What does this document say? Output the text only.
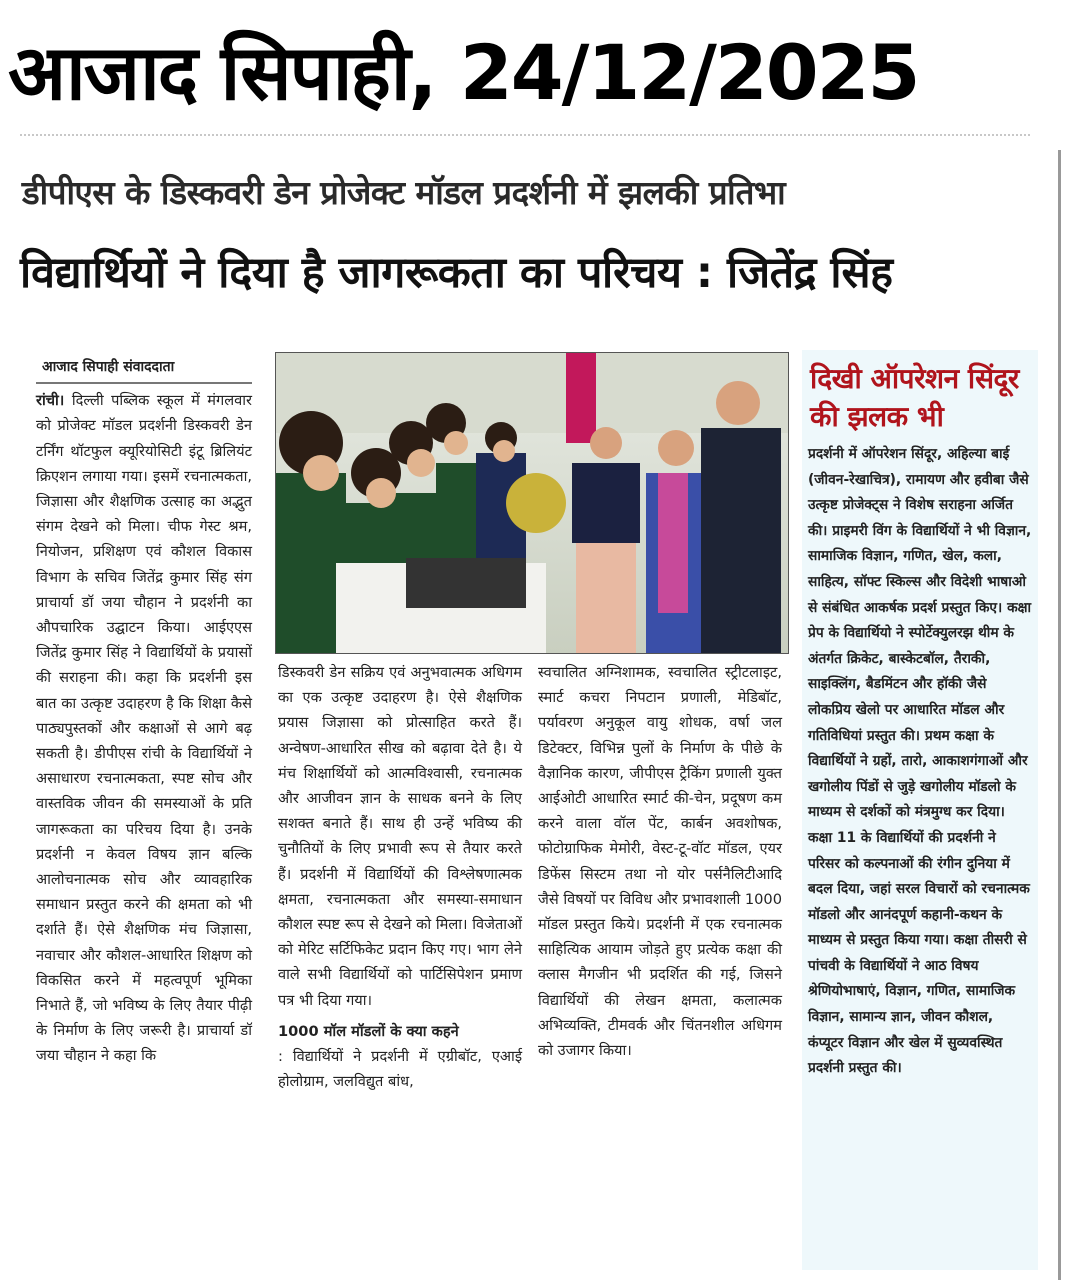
आजाद सिपाही, 24/12/2025
डीपीएस के डिस्कवरी डेन प्रोजेक्ट मॉडल प्रदर्शनी में झलकी प्रतिभा
विद्यार्थियों ने दिया है जागरूकता का परिचय : जितेंद्र सिंह
आजाद सिपाही संवाददाता

रांची। दिल्ली पब्लिक स्कूल में मंगलवार को प्रोजेक्ट मॉडल प्रदर्शनी डिस्कवरी डेन टर्निंग थॉटफुल क्यूरियोसिटी इंटू ब्रिलियंट क्रिएशन लगाया गया। इसमें रचनात्मकता, जिज्ञासा और शैक्षणिक उत्साह का अद्भुत संगम देखने को मिला। चीफ गेस्ट श्रम, नियोजन, प्रशिक्षण एवं कौशल विकास विभाग के सचिव जितेंद्र कुमार सिंह संग प्राचार्या डॉ जया चौहान ने प्रदर्शनी का औपचारिक उद्घाटन किया। आईएएस जितेंद्र कुमार सिंह ने विद्यार्थियों के प्रयासों की सराहना की। कहा कि प्रदर्शनी इस बात का उत्कृष्ट उदाहरण है कि शिक्षा कैसे पाठ्यपुस्तकों और कक्षाओं से आगे बढ़ सकती है। डीपीएस रांची के विद्यार्थियों ने असाधारण रचनात्मकता, स्पष्ट सोच और वास्तविक जीवन की समस्याओं के प्रति जागरूकता का परिचय दिया है। उनके प्रदर्शनी न केवल विषय ज्ञान बल्कि आलोचनात्मक सोच और व्यावहारिक समाधान प्रस्तुत करने की क्षमता को भी दर्शाते हैं। ऐसे शैक्षणिक मंच जिज्ञासा, नवाचार और कौशल-आधारित शिक्षण को विकसित करने में महत्वपूर्ण भूमिका निभाते हैं, जो भविष्य के लिए तैयार पीढ़ी के निर्माण के लिए जरूरी है। प्राचार्या डॉ जया चौहान ने कहा कि

डिस्कवरी डेन सक्रिय एवं अनुभवात्मक अधिगम का एक उत्कृष्ट उदाहरण है। ऐसे शैक्षणिक प्रयास जिज्ञासा को प्रोत्साहित करते हैं। अन्वेषण-आधारित सीख को बढ़ावा देते है। ये मंच शिक्षार्थियों को आत्मविश्वासी, रचनात्मक और आजीवन ज्ञान के साधक बनने के लिए सशक्त बनाते हैं। साथ ही उन्हें भविष्य की चुनौतियों के लिए प्रभावी रूप से तैयार करते हैं। प्रदर्शनी में विद्यार्थियों की विश्लेषणात्मक क्षमता, रचनात्मकता और समस्या-समाधान कौशल स्पष्ट रूप से देखने को मिला। विजेताओं को मेरिट सर्टिफिकेट प्रदान किए गए। भाग लेने वाले सभी विद्यार्थियों को पार्टिसिपेशन प्रमाण पत्र भी दिया गया।

1000 मॉल मॉडलों के क्या कहने

: विद्यार्थियों ने प्रदर्शनी में एग्रीबॉट, एआई होलोग्राम, जलविद्युत बांध,

स्वचालित अग्निशामक, स्वचालित स्ट्रीटलाइट, स्मार्ट कचरा निपटान प्रणाली, मेडिबॉट, पर्यावरण अनुकूल वायु शोधक, वर्षा जल डिटेक्टर, विभिन्न पुलों के निर्माण के पीछे के वैज्ञानिक कारण, जीपीएस ट्रैकिंग प्रणाली युक्त आईओटी आधारित स्मार्ट की-चेन, प्रदूषण कम करने वाला वॉल पेंट, कार्बन अवशोषक, फोटोग्राफिक मेमोरी, वेस्ट-टू-वॉट मॉडल, एयर डिफेंस सिस्टम तथा नो योर पर्सनैलिटीआदि जैसे विषयों पर विविध और प्रभावशाली 1000 मॉडल प्रस्तुत किये। प्रदर्शनी में एक रचनात्मक साहित्यिक आयाम जोड़ते हुए प्रत्येक कक्षा की क्लास मैगजीन भी प्रदर्शित की गई, जिसने विद्यार्थियों की लेखन क्षमता, कलात्मक अभिव्यक्ति, टीमवर्क और चिंतनशील अधिगम को उजागर किया।

दिखी ऑपरेशन सिंदूर की झलक भी
प्रदर्शनी में ऑपरेशन सिंदूर, अहिल्या बाई (जीवन-रेखाचित्र), रामायण और हवीबा जैसे उत्कृष्ट प्रोजेक्ट्स ने विशेष सराहना अर्जित की। प्राइमरी विंग के विद्यार्थियों ने भी विज्ञान, सामाजिक विज्ञान, गणित, खेल, कला, साहित्य, सॉफ्ट स्किल्स और विदेशी भाषाओ से संबंधित आकर्षक प्रदर्श प्रस्तुत किए। कक्षा प्रेप के विद्यार्थियो ने स्पोर्टेक्युलरझ थीम के अंतर्गत क्रिकेट, बास्केटबॉल, तैराकी, साइक्लिंग, बैडमिंटन और हॉकी जैसे लोकप्रिय खेलो पर आधारित मॉडल और गतिविधियां प्रस्तुत की। प्रथम कक्षा के विद्यार्थियों ने ग्रहों, तारो, आकाशगंगाओं और खगोलीय पिंडों से जुड़े खगोलीय मॉडलो के माध्यम से दर्शकों को मंत्रमुग्ध कर दिया। कक्षा 11 के विद्यार्थियों की प्रदर्शनी ने परिसर को कल्पनाओं की रंगीन दुनिया में बदल दिया, जहां सरल विचारों को रचनात्मक मॉडलो और आनंदपूर्ण कहानी-कथन के माध्यम से प्रस्तुत किया गया। कक्षा तीसरी से पांचवी के विद्यार्थियों ने आठ विषय श्रेणियोभाषाएं, विज्ञान, गणित, सामाजिक विज्ञान, सामान्य ज्ञान, जीवन कौशल, कंप्यूटर विज्ञान और खेल में सुव्यवस्थित प्रदर्शनी प्रस्तुत की।
